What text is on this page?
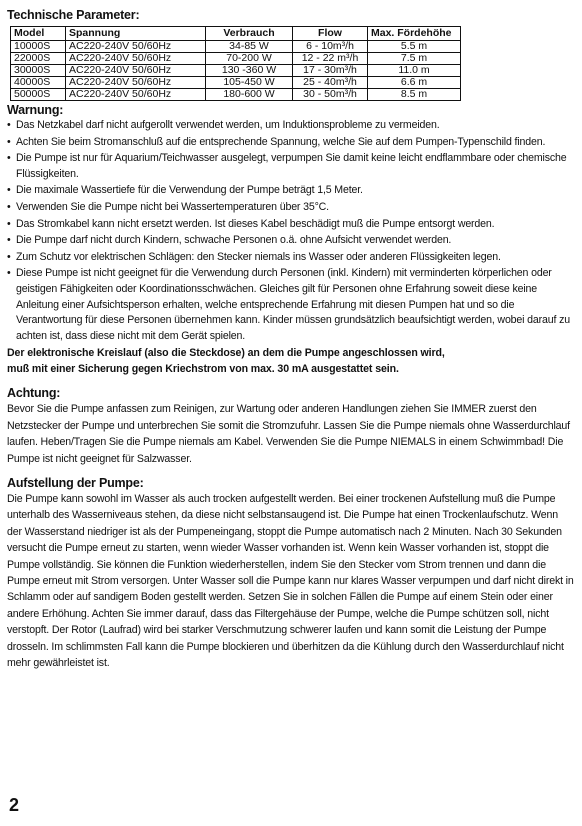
Technische Parameter:
Model	Spannung	Verbrauch	Flow	Max. Fördehöhe
10000S	AC220-240V 50/60Hz	34-85 W	6 - 10m³/h	5.5 m
22000S	AC220-240V 50/60Hz	70-200 W	12 - 22 m³/h	7.5 m
30000S	AC220-240V 50/60Hz	130 -360 W	17 - 30m³/h	11.0 m
40000S	AC220-240V 50/60Hz	105-450 W	25 - 40m³/h	6.6 m
50000S	AC220-240V 50/60Hz	180-600 W	30 - 50m³/h	8.5 m
Warnung:
• Das Netzkabel darf nicht aufgerollt verwendet werden, um Induktionsprobleme zu vermeiden.
• Achten Sie beim Stromanschluß auf die entsprechende Spannung, welche Sie auf dem Pumpen-Typenschild finden.
• Die Pumpe ist nur für Aquarium/Teichwasser ausgelegt, verpumpen Sie damit keine leicht endflammbare oder chemische Flüssigkeiten.
• Die maximale Wassertiefe für die Verwendung der Pumpe beträgt 1,5 Meter.
• Verwenden Sie die Pumpe nicht bei Wassertemperaturen über 35°C.
• Das Stromkabel kann nicht ersetzt werden. Ist dieses Kabel beschädigt muß die Pumpe entsorgt werden.
• Die Pumpe darf nicht durch Kindern, schwache Personen o.ä. ohne Aufsicht verwendet werden.
• Zum Schutz vor elektrischen Schlägen: den Stecker niemals ins Wasser oder anderen Flüssigkeiten legen.
• Diese Pumpe ist nicht geeignet für die Verwendung durch Personen (inkl. Kindern) mit verminderten körperlichen oder geistigen Fähigkeiten oder Koordinationsschwächen. Gleiches gilt für Personen ohne Erfahrung soweit diese keine Anleitung einer Aufsichtsperson erhalten, welche entsprechende Erfahrung mit diesen Pumpen hat und so die Verantwortung für diese Personen übernehmen kann. Kinder müssen grundsätzlich beaufsichtigt werden, wobei darauf zu achten ist, dass diese nicht mit dem Gerät spielen.

Der elektronische Kreislauf (also die Steckdose) an dem die Pumpe angeschlossen wird,

muß mit einer Sicherung gegen Kriechstrom von max. 30 mA ausgestattet sein.

Achtung:

Bevor Sie die Pumpe anfassen zum Reinigen, zur Wartung oder anderen Handlungen ziehen Sie IMMER zuerst den Netzstecker der Pumpe und unterbrechen Sie somit die Stromzufuhr. Lassen Sie die Pumpe niemals ohne Wasserdurchlauf laufen. Heben/Tragen Sie die Pumpe niemals am Kabel. Verwenden Sie die Pumpe NIEMALS in einem Schwimmbad! Die Pumpe ist nicht geeignet für Salzwasser.

Aufstellung der Pumpe:

Die Pumpe kann sowohl im Wasser als auch trocken aufgestellt werden. Bei einer trockenen Aufstellung muß die Pumpe unterhalb des Wasserniveaus stehen, da diese nicht selbstansaugend ist. Die Pumpe hat einen Trockenlaufschutz. Wenn der Wasserstand niedriger ist als der Pumpeneingang, stoppt die Pumpe automatisch nach 2 Minuten. Nach 30 Sekunden versucht die Pumpe erneut zu starten, wenn wieder Wasser vorhanden ist. Wenn kein Wasser vorhanden ist, stoppt die Pumpe vollständig. Sie können die Funktion wiederherstellen, indem Sie den Stecker vom Strom trennen und dann die Pumpe erneut mit Strom versorgen. Unter Wasser soll die Pumpe kann nur klares Wasser verpumpen und darf nicht direkt in Schlamm oder auf sandigem Boden gestellt werden. Setzen Sie in solchen Fällen die Pumpe auf einem Stein oder einer andere Erhöhung. Achten Sie immer darauf, dass das Filtergehäuse der Pumpe, welche die Pumpe schützen soll, nicht verstopft. Der Rotor (Laufrad) wird bei starker Verschmutzung schwerer laufen und kann somit die Leistung der Pumpe drosseln. Im schlimmsten Fall kann die Pumpe blockieren und überhitzen da die Kühlung durch den Wasserdurchlauf nicht mehr gewährleistet ist.

2
